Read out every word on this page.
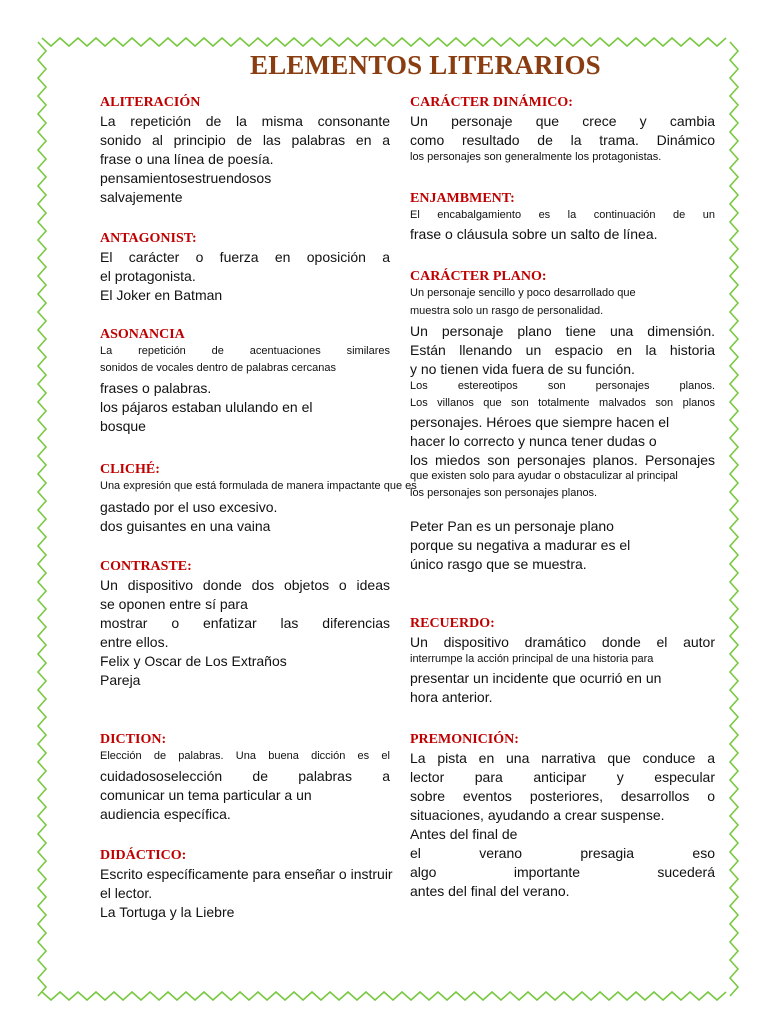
ELEMENTOS LITERARIOS
ALITERACIÓN
La repetición de la misma consonante
sonido al principio de las palabras en a
frase o una línea de poesía.
pensamientosestruendosos
salvajemente
ANTAGONIST:
El carácter o fuerza en oposición a
el protagonista.
El Joker en Batman
ASONANCIA
La repetición de acentuaciones similares
sonidos de vocales dentro de palabras cercanas
frases o palabras.
los pájaros estaban ululando en el
bosque
CLICHÉ:
Una expresión que está formulada de manera impactante que es
gastado por el uso excesivo.
dos guisantes en una vaina
CONTRASTE:
Un dispositivo donde dos objetos o ideas
se oponen entre sí para
mostrar o enfatizar las diferencias
entre ellos.
Felix y Oscar de Los Extraños
Pareja
DICTION:
Elección de palabras. Una buena dicción es el
cuidadososelección de palabras a
comunicar un tema particular a un
audiencia específica.
DIDÁCTICO:
Escrito específicamente para enseñar o instruir
el lector.
La Tortuga y la Liebre
CARÁCTER DINÁMICO:
Un personaje que crece y cambia
como resultado de la trama. Dinámico
los personajes son generalmente los protagonistas.
ENJAMBMENT:
El encabalgamiento es la continuación de un
frase o cláusula sobre un salto de línea.
CARÁCTER PLANO:
Un personaje sencillo y poco desarrollado que
muestra solo un rasgo de personalidad.
Un personaje plano tiene una dimensión.
Están llenando un espacio en la historia
y no tienen vida fuera de su función.
Los estereotipos son personajes planos.
Los villanos que son totalmente malvados son planos
personajes. Héroes que siempre hacen el
hacer lo correcto y nunca tener dudas o
los miedos son personajes planos. Personajes
que existen solo para ayudar o obstaculizar al principal
los personajes son personajes planos.
Peter Pan es un personaje plano
porque su negativa a madurar es el
único rasgo que se muestra.
RECUERDO:
Un dispositivo dramático donde el autor
interrumpe la acción principal de una historia para
presentar un incidente que ocurrió en un
hora anterior.
PREMONICIÓN:
La pista en una narrativa que conduce a
lector para anticipar y especular
sobre eventos posteriores, desarrollos o
situaciones, ayudando a crear suspense.
Antes del final de
el verano presagia eso
algo importante sucederá
antes del final del verano.
